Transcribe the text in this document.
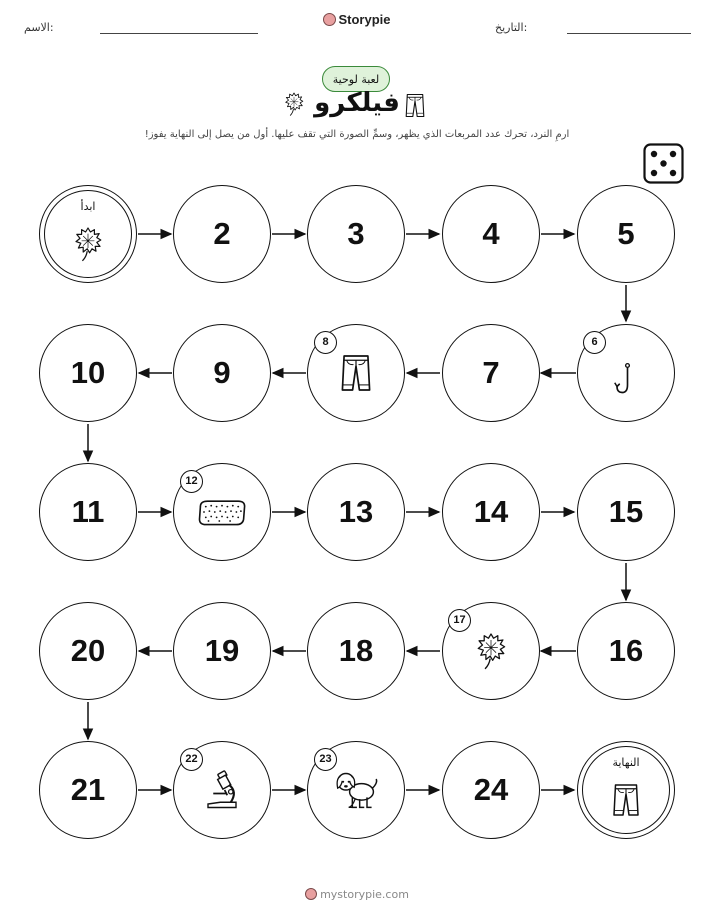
الاسم:
Storypie
التاريخ:
لعبة لوحية
فيلكرو
ارمِ النرد، تحرك عدد المربعات الذي يظهر، وسمِّ الصورة التي تقف عليها. أول من يصل إلى النهاية يفوز!
ابدأ
2	3	4	5
6
7
8
9
10
11
12
13	14	15
16
17
18
19
20
21
22	23
24
النهاية
mystorypie.com
